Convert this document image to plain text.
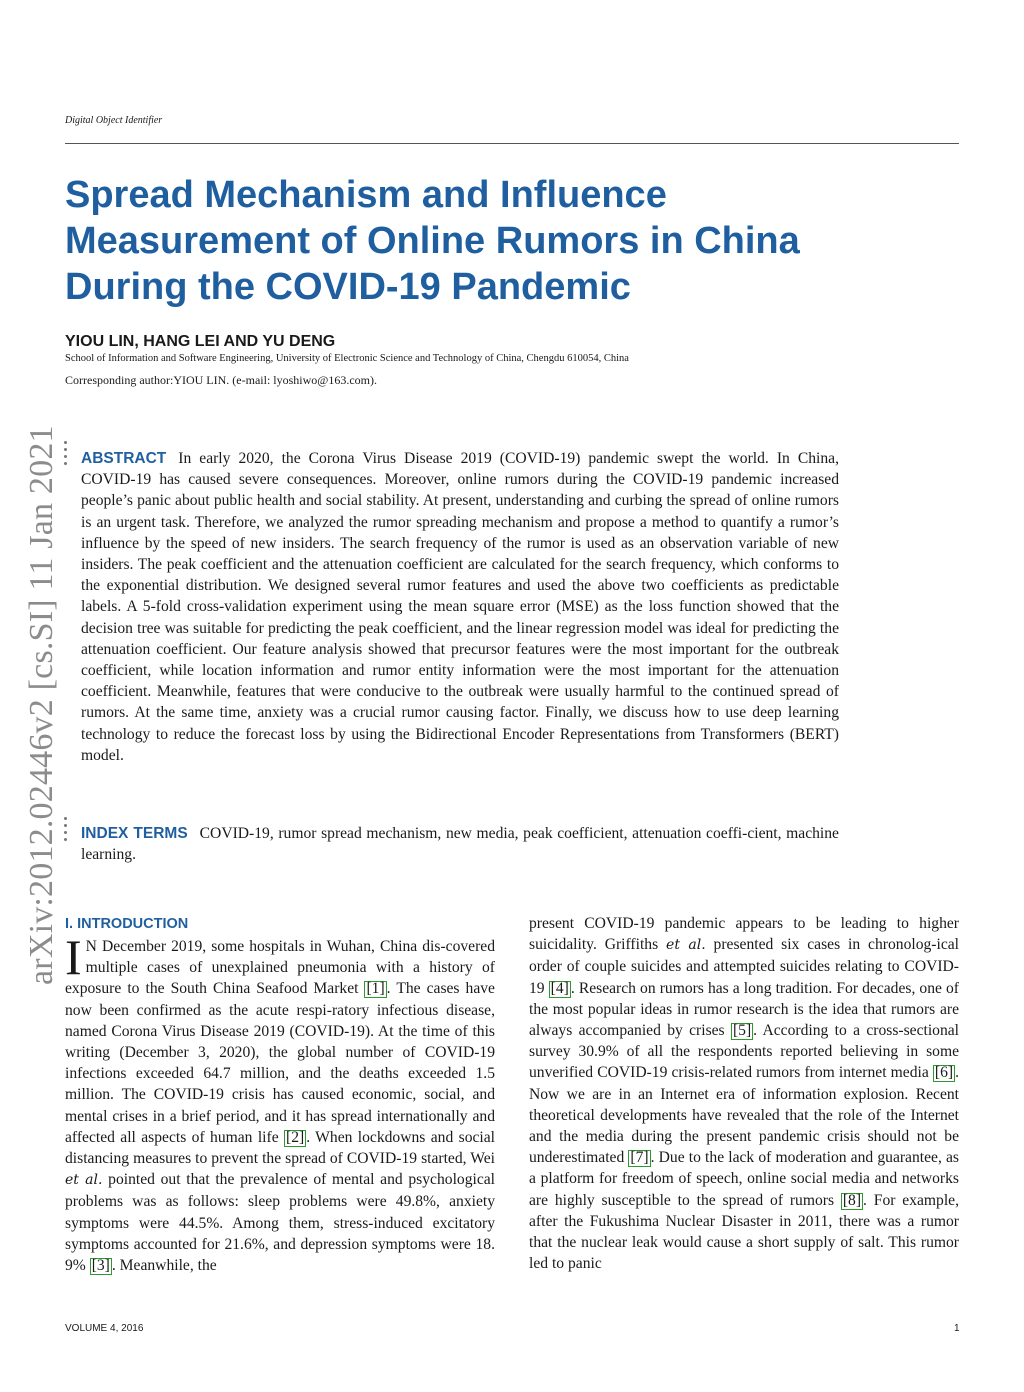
Digital Object Identifier
Spread Mechanism and Influence
Measurement of Online Rumors in China
During the COVID-19 Pandemic
YIOU LIN, HANG LEI AND YU DENG
School of Information and Software Engineering, University of Electronic Science and Technology of China, Chengdu 610054, China
Corresponding author:YIOU LIN. (e-mail: lyoshiwo@163.com).
arXiv:2012.02446v2 [cs.SI] 11 Jan 2021 ABSTRACT In early 2020, the Corona Virus Disease 2019 (COVID-19) pandemic swept the world. In China, COVID-19 has caused severe consequences. Moreover, online rumors during the COVID-19 pandemic increased people’s panic about public health and social stability. At present, understanding and curbing the spread of online rumors is an urgent task. Therefore, we analyzed the rumor spreading mechanism and propose a method to quantify a rumor’s influence by the speed of new insiders. The search frequency of the rumor is used as an observation variable of new insiders. The peak coefficient and the attenuation coefficient are calculated for the search frequency, which conforms to the exponential distribution. We designed several rumor features and used the above two coefficients as predictable labels. A 5-fold cross-validation experiment using the mean square error (MSE) as the loss function showed that the decision tree was suitable for predicting the peak coefficient, and the linear regression model was ideal for predicting the attenuation coefficient. Our feature analysis showed that precursor features were the most important for the outbreak coefficient, while location information and rumor entity information were the most important for the attenuation coefficient. Meanwhile, features that were conducive to the outbreak were usually harmful to the continued spread of rumors. At the same time, anxiety was a crucial rumor causing factor. Finally, we discuss how to use deep learning technology to reduce the forecast loss by using the Bidirectional Encoder Representations from Transformers (BERT) model.
INDEX TERMS COVID-19, rumor spread mechanism, new media, peak coefficient, attenuation coeffi-cient, machine learning.
I. INTRODUCTION
I N December 2019, some hospitals in Wuhan, China dis-covered multiple cases of unexplained pneumonia with a history of exposure to the South China Seafood Market [1] . The cases have now been confirmed as the acute respi-ratory infectious disease, named Corona Virus Disease 2019 (COVID-19). At the time of this writing (December 3, 2020), the global number of COVID-19 infections exceeded 64.7 million, and the deaths exceeded 1.5 million. The COVID-19 crisis has caused economic, social, and mental crises in a brief period, and it has spread internationally and affected all aspects of human life [2] . When lockdowns and social distancing measures to prevent the spread of COVID-19 started, Wei et al. pointed out that the prevalence of mental and psychological problems was as follows: sleep problems were 49.8%, anxiety symptoms were 44.5%. Among them, stress-induced excitatory symptoms accounted for 21.6%, and depression symptoms were 18. 9% [3] . Meanwhile, the
present COVID-19 pandemic appears to be leading to higher suicidality. Griffiths et al. presented six cases in chronolog-ical order of couple suicides and attempted suicides relating to COVID-19 [4] . Research on rumors has a long tradition. For decades, one of the most popular ideas in rumor research is the idea that rumors are always accompanied by crises [5] . According to a cross-sectional survey 30.9% of all the respondents reported believing in some unverified COVID-19 crisis-related rumors from internet media [6] . Now we are in an Internet era of information explosion. Recent theoretical developments have revealed that the role of the Internet and the media during the present pandemic crisis should not be underestimated [7] . Due to the lack of moderation and guarantee, as a platform for freedom of speech, online social media and networks are highly susceptible to the spread of rumors [8] . For example, after the Fukushima Nuclear Disaster in 2011, there was a rumor that the nuclear leak would cause a short supply of salt. This rumor led to panic
VOLUME 4, 2016	1
